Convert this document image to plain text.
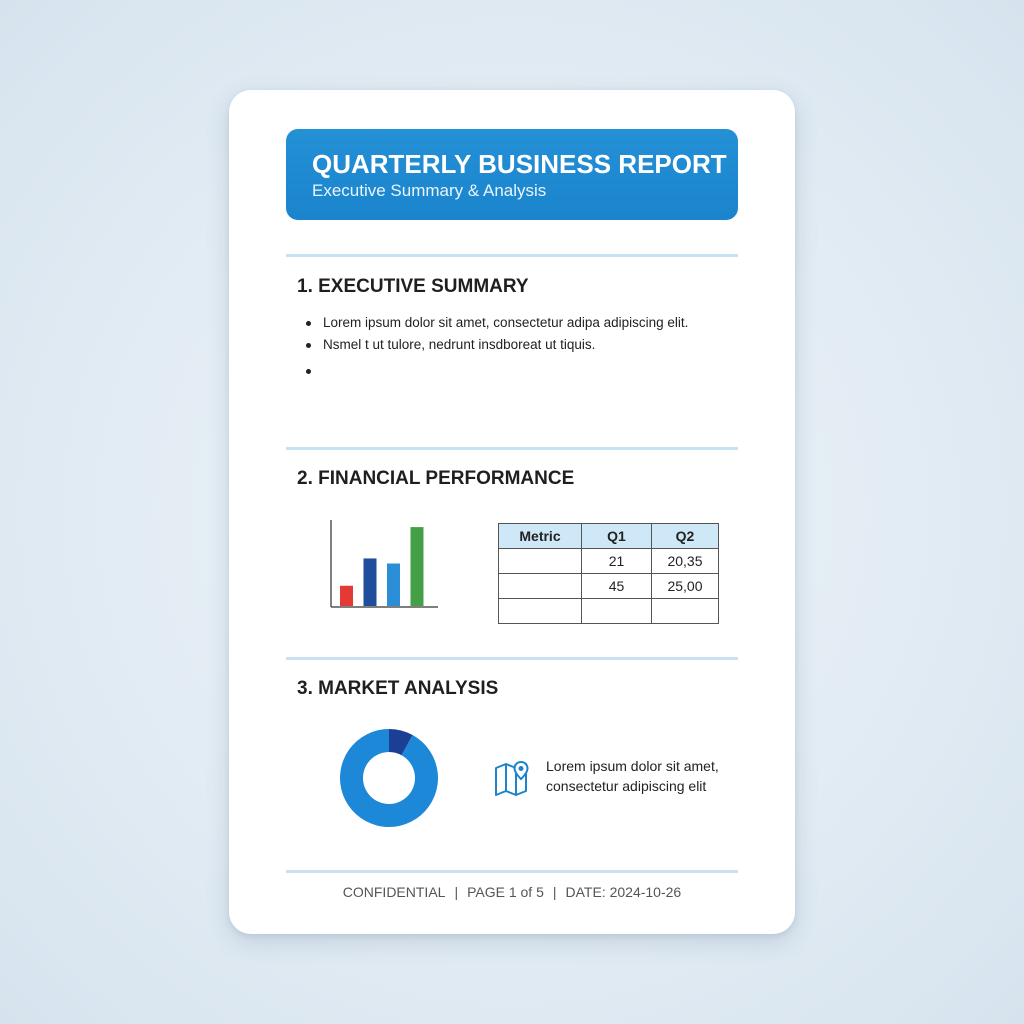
QUARTERLY BUSINESS REPORT
Executive Summary & Analysis
1. EXECUTIVE SUMMARY
Lorem ipsum dolor sit amet, consectetur adipa adipiscing elit.
Nsmel t ut tulore, nedrunt insdboreat ut tiquis.
2. FINANCIAL PERFORMANCE
Metric	Q1	Q2
	21	20,35
	45	25,00

3. MARKET ANALYSIS
Lorem ipsum dolor sit amet,
consectetur adipiscing elit
CONFIDENTIAL | PAGE 1 of 5 | DATE: 2024-10-26
